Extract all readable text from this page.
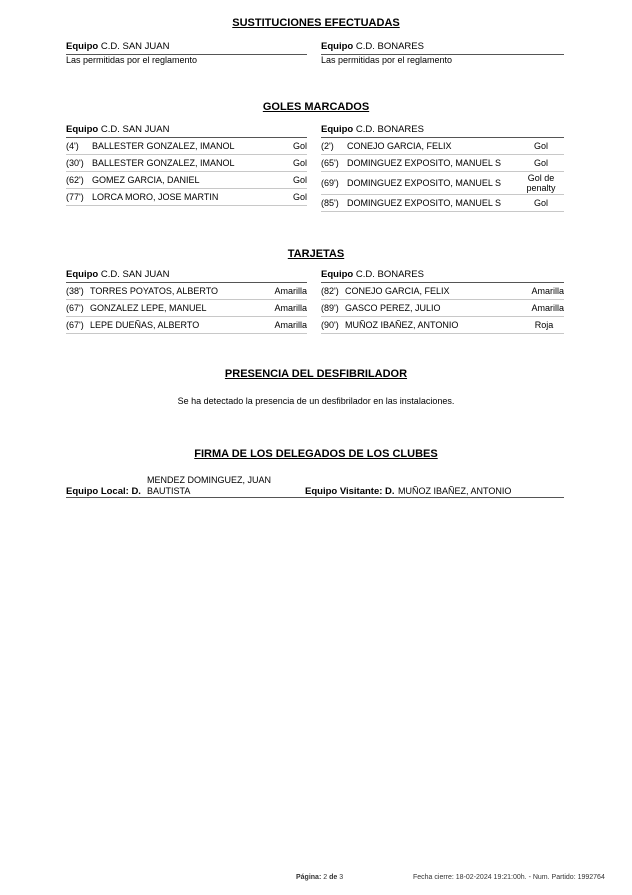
SUSTITUCIONES EFECTUADAS
Equipo C.D. SAN JUAN
Las permitidas por el reglamento
Equipo C.D. BONARES
Las permitidas por el reglamento
GOLES MARCADOS
Equipo C.D. SAN JUAN
(4')	BALLESTER GONZALEZ, IMANOL	Gol
(30') BALLESTER GONZALEZ, IMANOL	Gol
(62') GOMEZ GARCIA, DANIEL	Gol
(77') LORCA MORO, JOSE MARTIN	Gol
Equipo C.D. BONARES
(2')	CONEJO GARCIA, FELIX	Gol
(65') DOMINGUEZ EXPOSITO, MANUEL S	Gol
(69') DOMINGUEZ EXPOSITO, MANUEL S	Gol de penalty
(85') DOMINGUEZ EXPOSITO, MANUEL S	Gol
TARJETAS
Equipo C.D. SAN JUAN
(38') TORRES POYATOS, ALBERTO	Amarilla
(67') GONZALEZ LEPE, MANUEL	Amarilla
(67') LEPE DUEÑAS, ALBERTO	Amarilla
Equipo C.D. BONARES
(82') CONEJO GARCIA, FELIX	Amarilla
(89') GASCO PEREZ, JULIO	Amarilla
(90') MUÑOZ IBAÑEZ, ANTONIO	Roja
PRESENCIA DEL DESFIBRILADOR
Se ha detectado la presencia de un desfibrilador en las instalaciones.
FIRMA DE LOS DELEGADOS DE LOS CLUBES
Equipo Local: D.
MENDEZ DOMINGUEZ, JUAN BAUTISTA	Equipo Visitante: D. MUÑOZ IBAÑEZ, ANTONIO
Página: 2 de 3	Fecha cierre: 18-02-2024 19:21:00h. - Num. Partido: 1992764
